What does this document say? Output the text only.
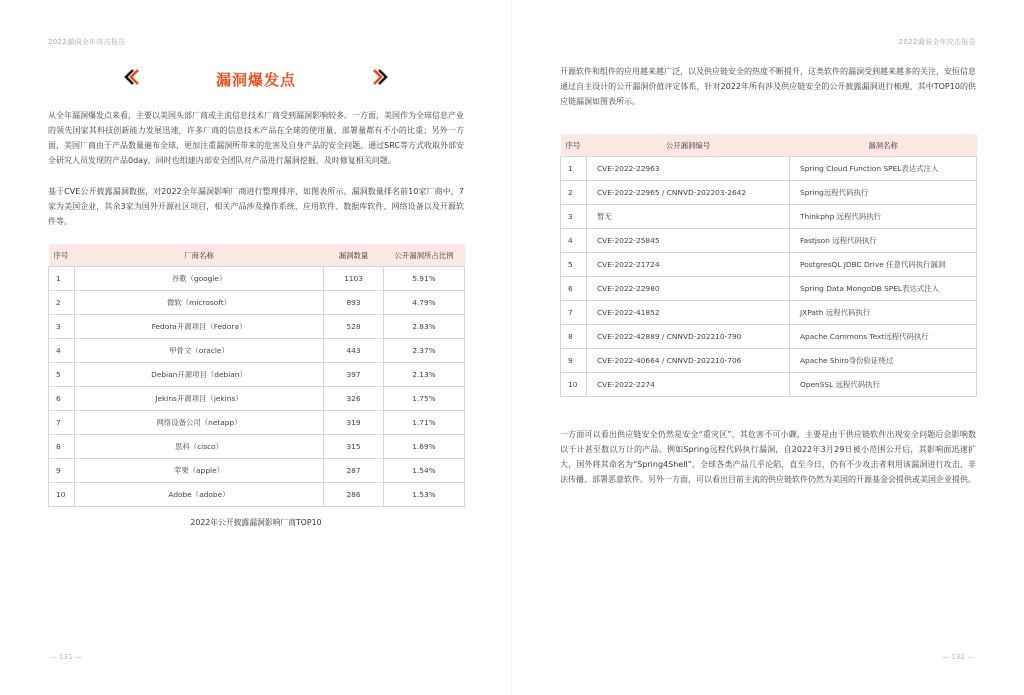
2022漏洞全年攻击报告
漏洞爆发点

从全年漏洞爆发点来看，主要以美国头部厂商或主流信息技术厂商受到漏洞影响较多。一方面，美国作为全球信息产业的领先国家其科技创新能力发展迅速，许多厂商的信息技术产品在全球的使用量、部署量都有不小的比重；另外一方面，美国厂商由于产品数量遍布全球，更加注重漏洞所带来的危害及自身产品的安全问题。通过SRC等方式收取外部安全研究人员发现的产品0day，同时也组建内部安全团队对产品进行漏洞挖掘、及时修复相关问题。

基于CVE公开披露漏洞数据，对2022全年漏洞影响厂商进行整理排序，如图表所示。漏洞数量排名前10家厂商中，7家为美国企业，其余3家为国外开源社区项目，相关产品涉及操作系统、应用软件、数据库软件、网络设备以及开源软件等。

序号	厂商名称	漏洞数量	公开漏洞所占比例
1	谷歌（google）	1103	5.91%
2	微软（microsoft）	893	4.79%
3	Fedora开源项目（Fedora）	528	2.83%
4	甲骨文（oracle）	443	2.37%
5	Debian开源项目（debian）	397	2.13%
6	Jekins开源项目（jekins）	326	1.75%
7	网络设备公司（netapp）	319	1.71%
8	思科（cisco）	315	1.69%
9	苹果（apple）	287	1.54%
10	Adobe（adobe）	286	1.53%
2022年公开披露漏洞影响厂商TOP10
— 131 —
2022漏洞全年攻击报告

开源软件和组件的应用越来越广泛，以及供应链安全的热度不断提升，这类软件的漏洞受到越来越多的关注，安恒信息通过自主设计的公开漏洞价值评定体系，针对2022年所有涉及供应链安全的公开披露漏洞进行梳理，其中TOP10的供应链漏洞如图表所示。

序号	公开漏洞编号	漏洞名称
1	CVE-2022-22963	Spring Cloud Function SPEL表达式注入
2	CVE-2022-22965 / CNNVD-202203-2642	Spring远程代码执行
3	暂无	Thinkphp 远程代码执行
4	CVE-2022-25845	Fastjson 远程代码执行
5	CVE-2022-21724	PostgresQL JDBC Drive 任意代码执行漏洞
6	CVE-2022-22980	Spring Data MongoDB SPEL表达式注入
7	CVE-2022-41852	JXPath 远程代码执行
8	CVE-2022-42889 / CNNVD-202210-790	Apache Commons Text远程代码执行
9	CVE-2022-40664 / CNNVD-202210-706	Apache Shiro身份验证绕过
10	CVE-2022-2274	OpenSSL 远程代码执行

一方面可以看出供应链安全仍然是安全“重灾区”，其危害不可小觑，主要是由于供应链软件出现安全问题后会影响数以千计甚至数以万计的产品。例如Spring远程代码执行漏洞，自2022年3月29日被小范围公开后，其影响面迅速扩大，国外将其命名为“Spring4Shell”，全球各类产品几乎沦陷，直至今日，仍有不少攻击者利用该漏洞进行攻击、非法传播、部署恶意软件。另外一方面，可以看出目前主流的供应链软件仍然为美国的开源基金会提供或美国企业提供。

— 132 —
